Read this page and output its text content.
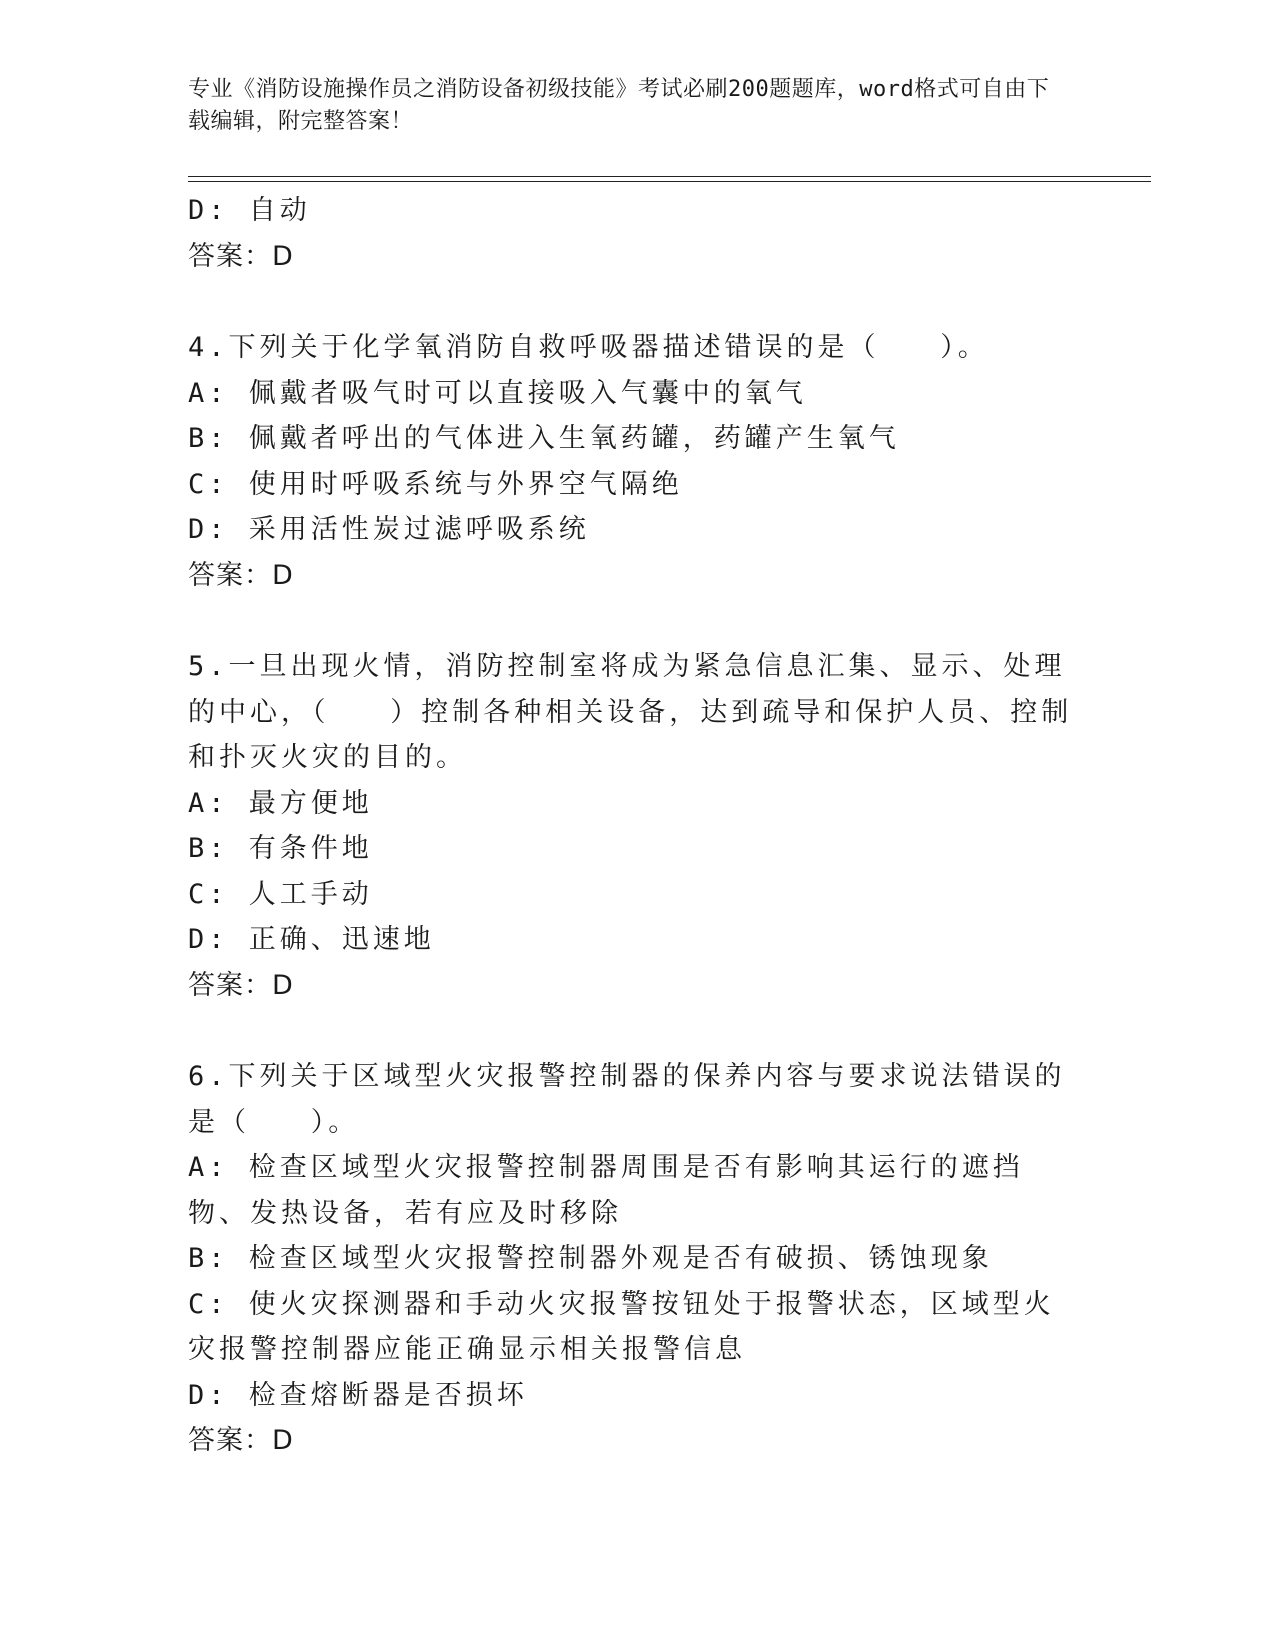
专业《消防设施操作员之消防设备初级技能》考试必刷200题题库，word格式可自由下载编辑，附完整答案！
D: 自动
答案：D
4.下列关于化学氧消防自救呼吸器描述错误的是（   ）。
A: 佩戴者吸气时可以直接吸入气囊中的氧气
B: 佩戴者呼出的气体进入生氧药罐，药罐产生氧气
C: 使用时呼吸系统与外界空气隔绝
D: 采用活性炭过滤呼吸系统
答案：D
5.一旦出现火情，消防控制室将成为紧急信息汇集、显示、处理的中心，（   ）控制各种相关设备，达到疏导和保护人员、控制和扑灭火灾的目的。
A: 最方便地
B: 有条件地
C: 人工手动
D: 正确、迅速地
答案：D
6.下列关于区域型火灾报警控制器的保养内容与要求说法错误的是（   ）。
A: 检查区域型火灾报警控制器周围是否有影响其运行的遮挡物、发热设备，若有应及时移除
B: 检查区域型火灾报警控制器外观是否有破损、锈蚀现象
C: 使火灾探测器和手动火灾报警按钮处于报警状态，区域型火灾报警控制器应能正确显示相关报警信息
D: 检查熔断器是否损坏
答案：D
